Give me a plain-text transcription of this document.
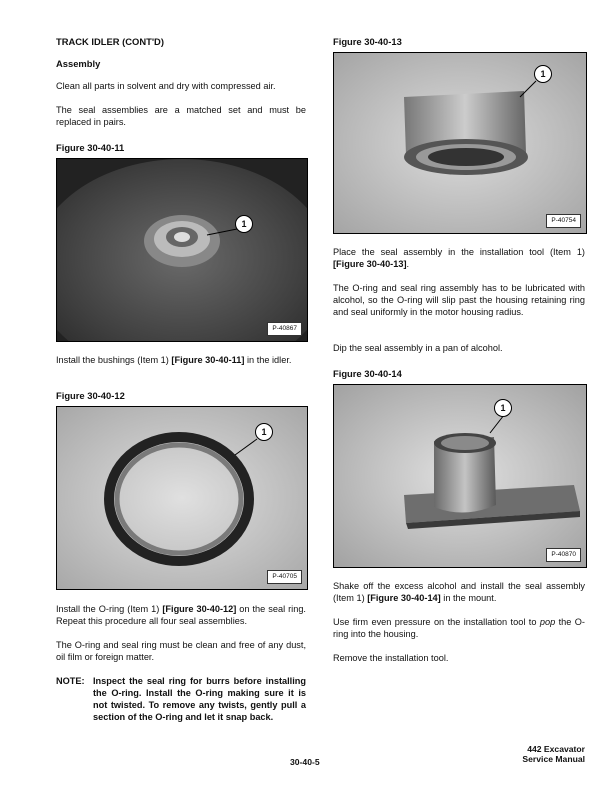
TRACK IDLER (CONT'D)
Assembly

Clean all parts in solvent and dry with compressed air.

The seal assemblies are a matched set and must be replaced in pairs.

Figure 30-40-11
1
P-40867

Install the bushings (Item 1) [Figure 30-40-11] in the idler.

Figure 30-40-12
1
P-40705

Install the O-ring (Item 1) [Figure 30-40-12] on the seal ring. Repeat this procedure all four seal assemblies.

The O-ring and seal ring must be clean and free of any dust, oil film or foreign matter.

NOTE: Inspect the seal ring for burrs before installing the O-ring. Install the O-ring making sure it is not twisted. To remove any twists, gently pull a section of the O-ring and let it snap back.
Figure 30-40-13
1
P-40754

Place the seal assembly in the installation tool (Item 1) [Figure 30-40-13].

The O-ring and seal ring assembly has to be lubricated with alcohol, so the O-ring will slip past the housing retaining ring and seal uniformly in the motor housing radius.

Dip the seal assembly in a pan of alcohol.

Figure 30-40-14
1
P-40870

Shake off the excess alcohol and install the seal assembly (Item 1) [Figure 30-40-14] in the mount.

Use firm even pressure on the installation tool to pop the O-ring into the housing.

Remove the installation tool.

30-40-5
442 Excavator
Service Manual
